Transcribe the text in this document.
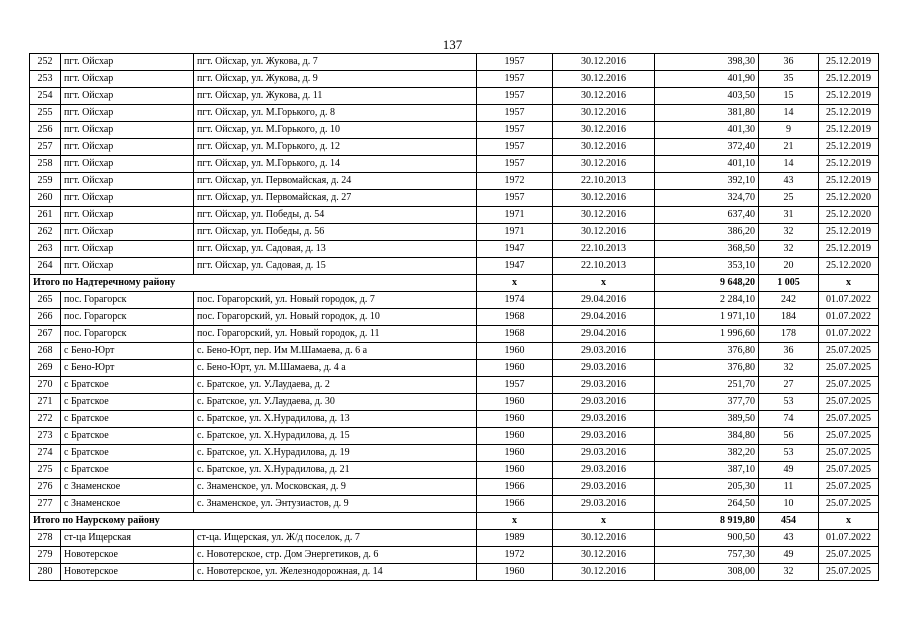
137
252	пгт. Ойсхар	пгт. Ойсхар, ул. Жукова, д. 7	1957	30.12.2016	398,30	36	25.12.2019
253	пгт. Ойсхар	пгт. Ойсхар, ул. Жукова, д. 9	1957	30.12.2016	401,90	35	25.12.2019
254	пгт. Ойсхар	пгт. Ойсхар, ул. Жукова, д. 11	1957	30.12.2016	403,50	15	25.12.2019
255	пгт. Ойсхар	пгт. Ойсхар, ул. М.Горького, д. 8	1957	30.12.2016	381,80	14	25.12.2019
256	пгт. Ойсхар	пгт. Ойсхар, ул. М.Горького, д. 10	1957	30.12.2016	401,30	9	25.12.2019
257	пгт. Ойсхар	пгт. Ойсхар, ул. М.Горького, д. 12	1957	30.12.2016	372,40	21	25.12.2019
258	пгт. Ойсхар	пгт. Ойсхар, ул. М.Горького, д. 14	1957	30.12.2016	401,10	14	25.12.2019
259	пгт. Ойсхар	пгт. Ойсхар, ул. Первомайская, д. 24	1972	22.10.2013	392,10	43	25.12.2019
260	пгт. Ойсхар	пгт. Ойсхар, ул. Первомайская, д. 27	1957	30.12.2016	324,70	25	25.12.2020
261	пгт. Ойсхар	пгт. Ойсхар, ул. Победы, д. 54	1971	30.12.2016	637,40	31	25.12.2020
262	пгт. Ойсхар	пгт. Ойсхар, ул. Победы, д. 56	1971	30.12.2016	386,20	32	25.12.2019
263	пгт. Ойсхар	пгт. Ойсхар, ул. Садовая, д. 13	1947	22.10.2013	368,50	32	25.12.2019
264	пгт. Ойсхар	пгт. Ойсхар, ул. Садовая, д. 15	1947	22.10.2013	353,10	20	25.12.2020
Итого по Надтеречному району			х	х	9 648,20	1 005	х
265	пос. Горагорск	пос. Горагорский, ул. Новый городок, д. 7	1974	29.04.2016	2 284,10	242	01.07.2022
266	пос. Горагорск	пос. Горагорский, ул. Новый городок, д. 10	1968	29.04.2016	1 971,10	184	01.07.2022
267	пос. Горагорск	пос. Горагорский, ул. Новый городок, д. 11	1968	29.04.2016	1 996,60	178	01.07.2022
268	с Бено-Юрт	с. Бено-Юрт, пер. Им М.Шамаева, д. 6 а	1960	29.03.2016	376,80	36	25.07.2025
269	с Бено-Юрт	с. Бено-Юрт, ул. М.Шамаева, д. 4 а	1960	29.03.2016	376,80	32	25.07.2025
270	с Братское	с. Братское, ул. У.Лаудаева, д. 2	1957	29.03.2016	251,70	27	25.07.2025
271	с Братское	с. Братское, ул. У.Лаудаева, д. 30	1960	29.03.2016	377,70	53	25.07.2025
272	с Братское	с. Братское, ул. Х.Нурадилова, д. 13	1960	29.03.2016	389,50	74	25.07.2025
273	с Братское	с. Братское, ул. Х.Нурадилова, д. 15	1960	29.03.2016	384,80	56	25.07.2025
274	с Братское	с. Братское, ул. Х.Нурадилова, д. 19	1960	29.03.2016	382,20	53	25.07.2025
275	с Братское	с. Братское, ул. Х.Нурадилова, д. 21	1960	29.03.2016	387,10	49	25.07.2025
276	с Знаменское	с. Знаменское, ул. Московская, д. 9	1966	29.03.2016	205,30	11	25.07.2025
277	с Знаменское	с. Знаменское, ул. Энтузиастов, д. 9	1966	29.03.2016	264,50	10	25.07.2025
Итого по Наурскому району			х	х	8 919,80	454	х
278	ст-ца Ищерская	ст-ца. Ищерская, ул. Ж/д поселок, д. 7	1989	30.12.2016	900,50	43	01.07.2022
279	Новотерское	с. Новотерское, стр. Дом Энергетиков, д. 6	1972	30.12.2016	757,30	49	25.07.2025
280	Новотерское	с. Новотерское, ул. Железнодорожная, д. 14	1960	30.12.2016	308,00	32	25.07.2025
